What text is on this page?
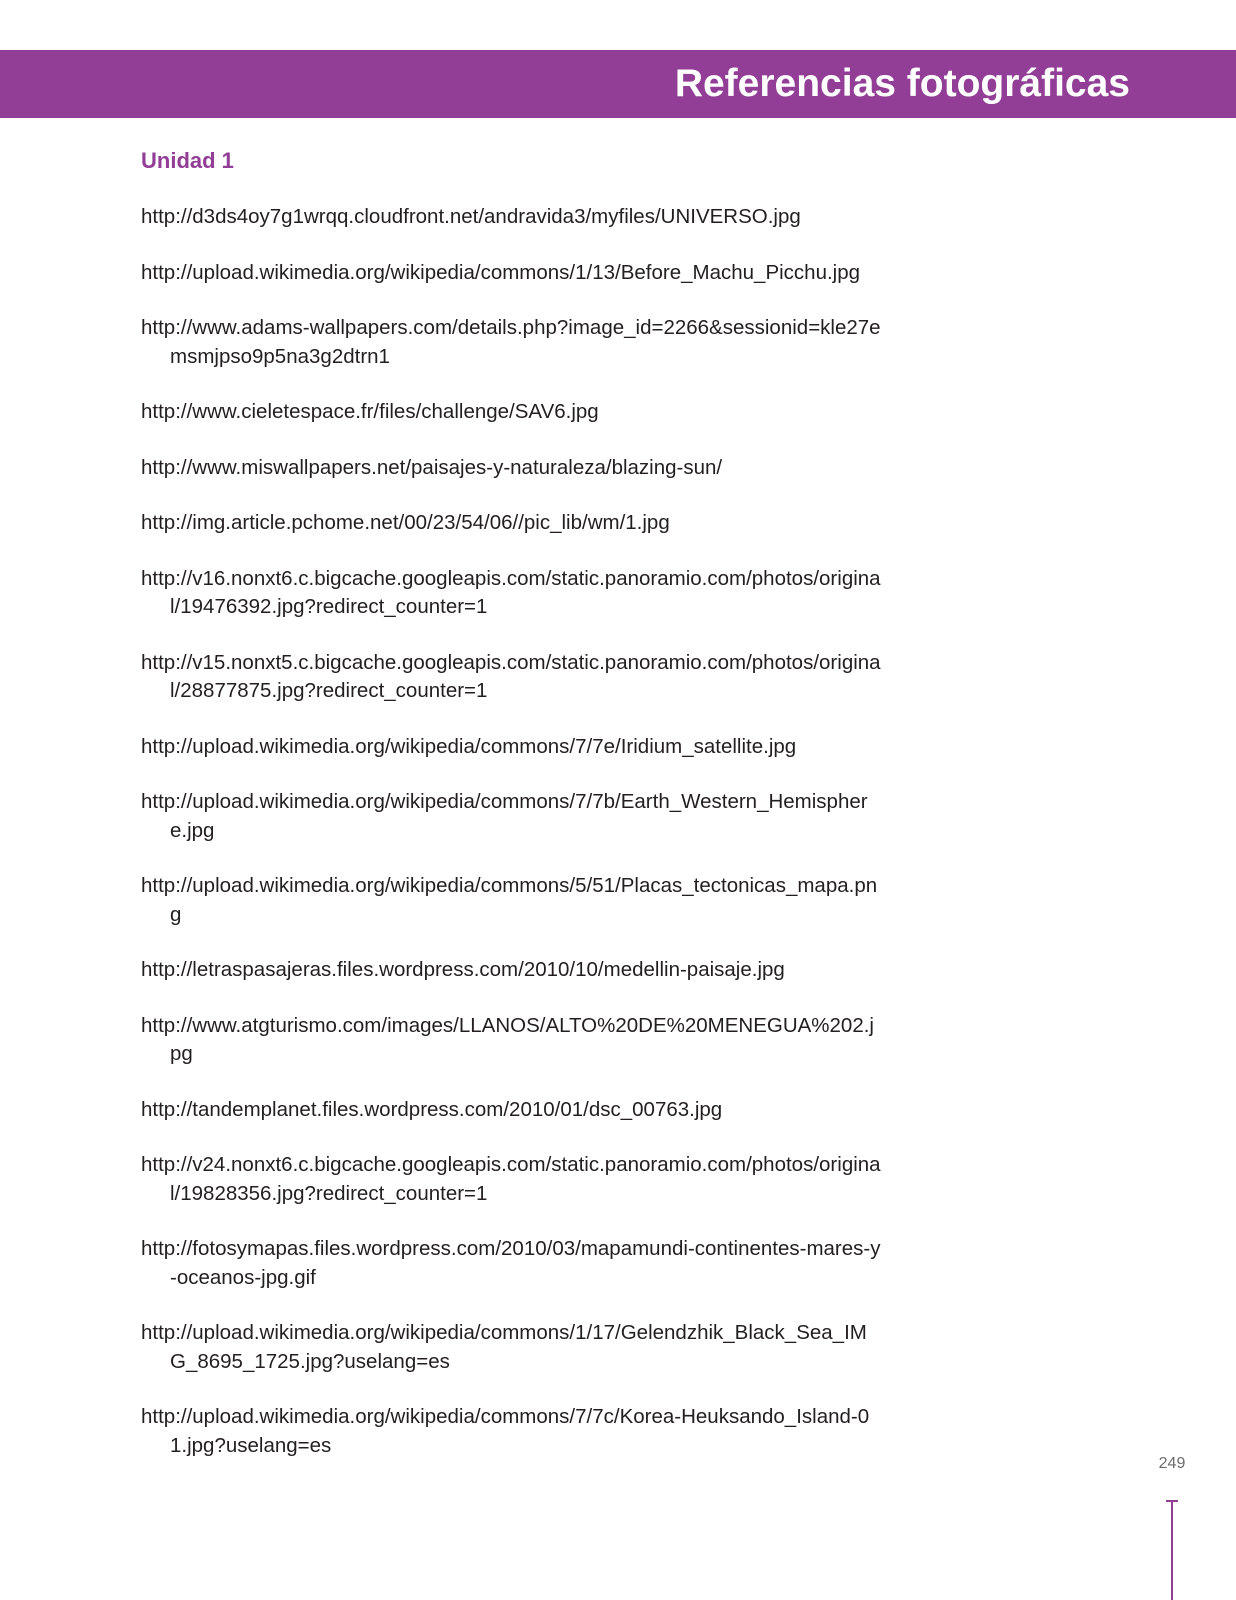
Referencias fotográficas
Unidad 1
http://d3ds4oy7g1wrqq.cloudfront.net/andravida3/myfiles/UNIVERSO.jpg
http://upload.wikimedia.org/wikipedia/commons/1/13/Before_Machu_Picchu.jpg
http://www.adams-wallpapers.com/details.php?image_id=2266&sessionid=kle27emsmjpso9p5na3g2dtrn1
http://www.cieletespace.fr/files/challenge/SAV6.jpg
http://www.miswallpapers.net/paisajes-y-naturaleza/blazing-sun/
http://img.article.pchome.net/00/23/54/06//pic_lib/wm/1.jpg
http://v16.nonxt6.c.bigcache.googleapis.com/static.panoramio.com/photos/original/19476392.jpg?redirect_counter=1
http://v15.nonxt5.c.bigcache.googleapis.com/static.panoramio.com/photos/original/28877875.jpg?redirect_counter=1
http://upload.wikimedia.org/wikipedia/commons/7/7e/Iridium_satellite.jpg
http://upload.wikimedia.org/wikipedia/commons/7/7b/Earth_Western_Hemisphere.jpg
http://upload.wikimedia.org/wikipedia/commons/5/51/Placas_tectonicas_mapa.png
http://letraspasajeras.files.wordpress.com/2010/10/medellin-paisaje.jpg
http://www.atgturismo.com/images/LLANOS/ALTO%20DE%20MENEGUA%202.jpg
http://tandemplanet.files.wordpress.com/2010/01/dsc_00763.jpg
http://v24.nonxt6.c.bigcache.googleapis.com/static.panoramio.com/photos/original/19828356.jpg?redirect_counter=1
http://fotosymapas.files.wordpress.com/2010/03/mapamundi-continentes-mares-y-oceanos-jpg.gif
http://upload.wikimedia.org/wikipedia/commons/1/17/Gelendzhik_Black_Sea_IMG_8695_1725.jpg?uselang=es
http://upload.wikimedia.org/wikipedia/commons/7/7c/Korea-Heuksando_Island-01.jpg?uselang=es
249
